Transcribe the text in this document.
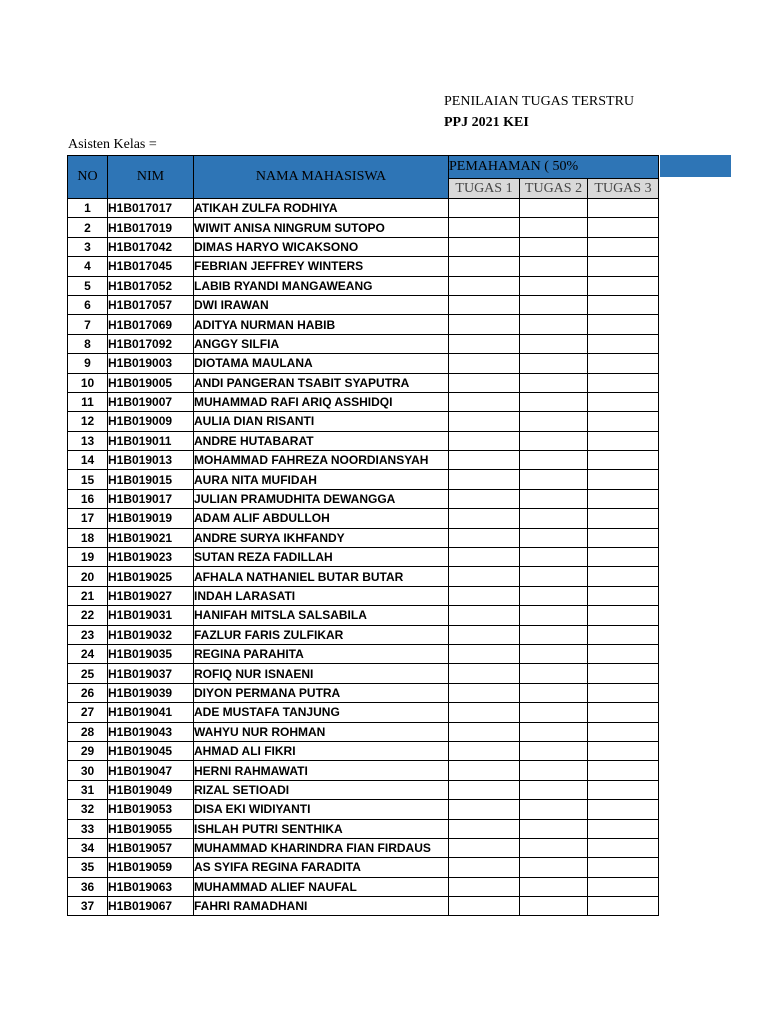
PENILAIAN TUGAS TERSTRU
PPJ 2021 KEI
Asisten Kelas =
NO	NIM	NAMA MAHASISWA	PEMAHAMAN ( 50%		
			TUGAS 1	TUGAS 2	TUGAS 3
1	H1B017017	ATIKAH ZULFA RODHIYA			
2	H1B017019	WIWIT ANISA NINGRUM SUTOPO			
3	H1B017042	DIMAS HARYO WICAKSONO			
4	H1B017045	FEBRIAN JEFFREY WINTERS			
5	H1B017052	LABIB RYANDI MANGAWEANG			
6	H1B017057	DWI IRAWAN			
7	H1B017069	ADITYA NURMAN HABIB			
8	H1B017092	ANGGY SILFIA			
9	H1B019003	DIOTAMA MAULANA			
10	H1B019005	ANDI PANGERAN TSABIT SYAPUTRA			
11	H1B019007	MUHAMMAD RAFI ARIQ ASSHIDQI			
12	H1B019009	AULIA DIAN RISANTI			
13	H1B019011	ANDRE HUTABARAT			
14	H1B019013	MOHAMMAD FAHREZA NOORDIANSYAH			
15	H1B019015	AURA NITA MUFIDAH			
16	H1B019017	JULIAN PRAMUDHITA DEWANGGA			
17	H1B019019	ADAM ALIF ABDULLOH			
18	H1B019021	ANDRE SURYA IKHFANDY			
19	H1B019023	SUTAN REZA FADILLAH			
20	H1B019025	AFHALA NATHANIEL BUTAR BUTAR			
21	H1B019027	INDAH LARASATI			
22	H1B019031	HANIFAH MITSLA SALSABILA			
23	H1B019032	FAZLUR FARIS ZULFIKAR			
24	H1B019035	REGINA PARAHITA			
25	H1B019037	ROFIQ NUR ISNAENI			
26	H1B019039	DIYON PERMANA PUTRA			
27	H1B019041	ADE MUSTAFA TANJUNG			
28	H1B019043	WAHYU NUR ROHMAN			
29	H1B019045	AHMAD ALI FIKRI			
30	H1B019047	HERNI RAHMAWATI			
31	H1B019049	RIZAL SETIOADI			
32	H1B019053	DISA EKI WIDIYANTI			
33	H1B019055	ISHLAH PUTRI SENTHIKA			
34	H1B019057	MUHAMMAD KHARINDRA FIAN FIRDAUS			
35	H1B019059	AS SYIFA REGINA FARADITA			
36	H1B019063	MUHAMMAD ALIEF NAUFAL			
37	H1B019067	FAHRI RAMADHANI			
